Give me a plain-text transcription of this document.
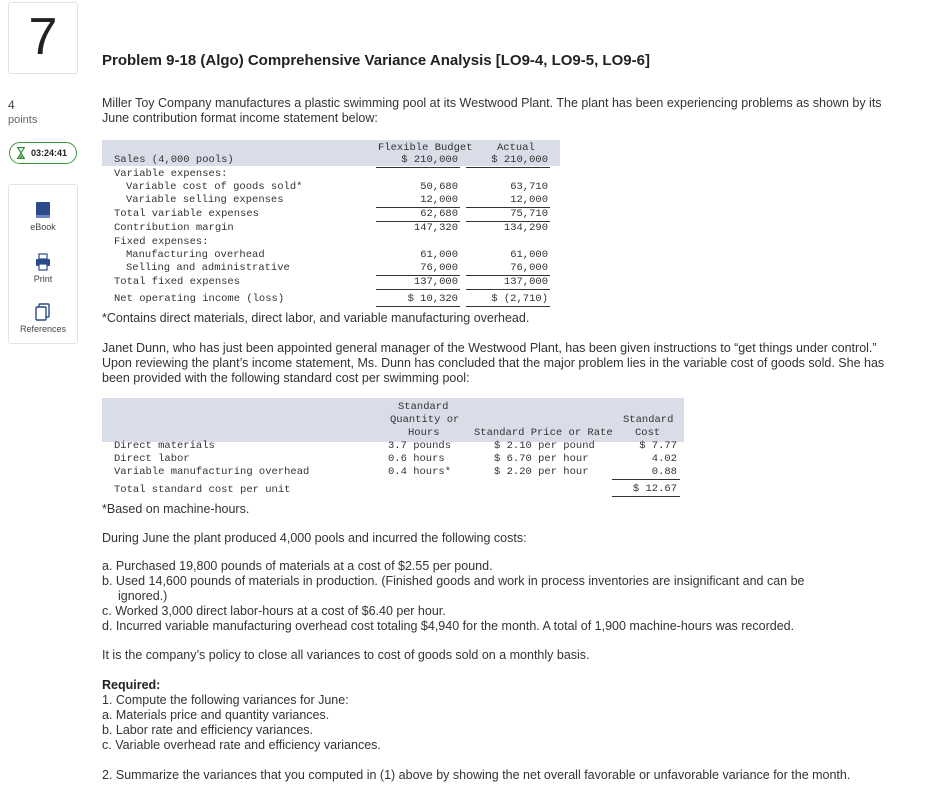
7
4
points
03:24:41
eBook
Print
References
Problem 9-18 (Algo) Comprehensive Variance Analysis [LO9-4, LO9-5, LO9-6]
Miller Toy Company manufactures a plastic swimming pool at its Westwood Plant. The plant has been experiencing problems as shown by its June contribution format income statement below:
Flexible Budget Actual
Sales (4,000 pools)	$ 210,000	$ 210,000
Variable expenses:
Variable cost of goods sold*	50,680	63,710
Variable selling expenses	12,000	12,000
Total variable expenses	62,680	75,710
Contribution margin	147,320	134,290
Fixed expenses:
Manufacturing overhead	61,000	61,000
Selling and administrative	76,000	76,000
Total fixed expenses	137,000	137,000
Net operating income (loss)	$ 10,320	$ (2,710)
*Contains direct materials, direct labor, and variable manufacturing overhead.
Janet Dunn, who has just been appointed general manager of the Westwood Plant, has been given instructions to “get things under control.” Upon reviewing the plant’s income statement, Ms. Dunn has concluded that the major problem lies in the variable cost of goods sold. She has been provided with the following standard cost per swimming pool:
Standard
Quantity or
Hours	Standard Price or Rate
Standard
Cost
Direct materials	3.7 pounds	$ 2.10 per pound	$ 7.77
Direct labor	0.6 hours	$ 6.70 per hour	4.02
Variable manufacturing overhead	0.4 hours*	$ 2.20 per hour	0.88
Total standard cost per unit	$ 12.67
*Based on machine-hours.
During June the plant produced 4,000 pools and incurred the following costs:
a. Purchased 19,800 pounds of materials at a cost of $2.55 per pound.
b. Used 14,600 pounds of materials in production. (Finished goods and work in process inventories are insignificant and can be
ignored.)
c. Worked 3,000 direct labor-hours at a cost of $6.40 per hour.
d. Incurred variable manufacturing overhead cost totaling $4,940 for the month. A total of 1,900 machine-hours was recorded.
It is the company’s policy to close all variances to cost of goods sold on a monthly basis.
Required:
1. Compute the following variances for June:
a. Materials price and quantity variances.
b. Labor rate and efficiency variances.
c. Variable overhead rate and efficiency variances.
2. Summarize the variances that you computed in (1) above by showing the net overall favorable or unfavorable variance for the month.
